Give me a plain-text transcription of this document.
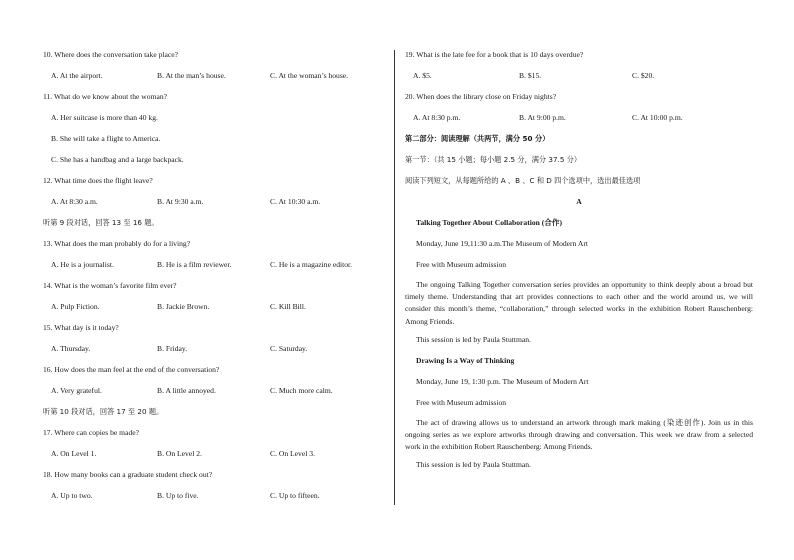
10. Where does the conversation take place?

A. At the airport.	B. At the man’s house.	C. At the woman’s house.

11. What do we know about the woman?

A. Her suitcase is more than 40 kg.
B. She will take a flight to America.
C. She has a handbag and a large backpack.

12. What time does the flight leave?

A. At 8:30 a.m.	B. At 9:30 a.m.	C. At 10:30 a.m.
听第 9 段对话，回答 13 至 16 题。

13. What does the man probably do for a living?

A. He is a journalist.	B. He is a film reviewer.	C. He is a magazine editor.

14. What is the woman’s favorite film ever?

A. Pulp Fiction.	B. Jackie Brown.	C. Kill Bill.

15. What day is it today?

A. Thursday.	B. Friday.	C. Saturday.

16. How does the man feel at the end of the conversation?

A. Very grateful.	B. A little annoyed.	C. Much more calm.
听第 10 段对话，回答 17 至 20 题。

17. Where can copies be made?

A. On Level 1.	B. On Level 2.	C. On Level 3.

18. How many books can a graduate student check out?

A. Up to two.	B. Up to five.	C. Up to fifteen.

19. What is the late fee for a book that is 10 days overdue?

A. $5.	B. $15.	C. $20.

20. When does the library close on Friday nights?

A. At 8:30 p.m.	B. At 9:00 p.m.	C. At 10:00 p.m.
第二部分：阅读理解（共两节，满分 50 分）
第一节：（共 15 小题；每小题 2.5 分，满分 37.5 分）
阅读下列短文，从每题所给的 A 、B 、C 和 D 四个选项中，选出最佳选项
A
Talking Together About Collaboration (合作)
Monday, June 19,11:30 a.m.The Museum of Modern Art
Free with Museum admission
The ongoing Talking Together conversation series provides an opportunity to think deeply about a broad but timely theme. Understanding that art provides connections to each other and the world around us, we will consider this month’s theme, “collaboration,” through selected works in the exhibition Robert Rauschenberg: Among Friends.
This session is led by Paula Stuttman.
Drawing Is a Way of Thinking
Monday, June 19, 1:30 p.m. The Museum of Modern Art
Free with Museum admission
The act of drawing allows us to understand an artwork through mark making (染迹创作). Join us in this ongoing series as we explore artworks through drawing and conversation. This week we draw from a selected work in the exhibition Robert Rauschenberg: Among Friends.
This session is led by Paula Stuttman.
